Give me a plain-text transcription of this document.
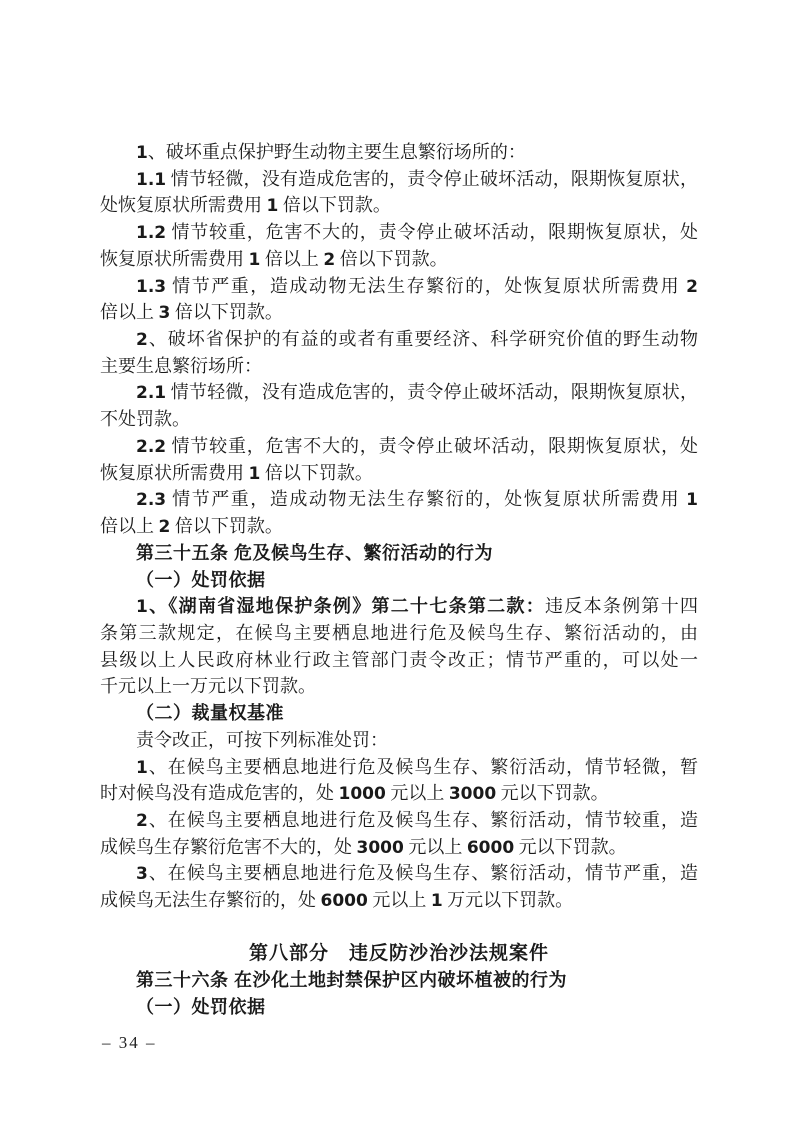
1、破坏重点保护野生动物主要生息繁衍场所的：
1.1 情节轻微，没有造成危害的，责令停止破坏活动，限期恢复原状，
处恢复原状所需费用 1 倍以下罚款。
1.2 情节较重，危害不大的，责令停止破坏活动，限期恢复原状，处
恢复原状所需费用 1 倍以上 2 倍以下罚款。
1.3 情节严重，造成动物无法生存繁衍的，处恢复原状所需费用 2
倍以上 3 倍以下罚款。
2、破坏省保护的有益的或者有重要经济、科学研究价值的野生动物
主要生息繁衍场所：
2.1 情节轻微，没有造成危害的，责令停止破坏活动，限期恢复原状，
不处罚款。
2.2 情节较重，危害不大的，责令停止破坏活动，限期恢复原状，处
恢复原状所需费用 1 倍以下罚款。
2.3 情节严重，造成动物无法生存繁衍的，处恢复原状所需费用 1
倍以上 2 倍以下罚款。
第三十五条 危及候鸟生存、繁衍活动的行为
（一）处罚依据
1、《湖南省湿地保护条例》第二十七条第二款：违反本条例第十四
条第三款规定，在候鸟主要栖息地进行危及候鸟生存、繁衍活动的，由
县级以上人民政府林业行政主管部门责令改正；情节严重的，可以处一
千元以上一万元以下罚款。
（二）裁量权基准
责令改正，可按下列标准处罚：
1、在候鸟主要栖息地进行危及候鸟生存、繁衍活动，情节轻微，暂
时对候鸟没有造成危害的，处 1000 元以上 3000 元以下罚款。
2、在候鸟主要栖息地进行危及候鸟生存、繁衍活动，情节较重，造
成候鸟生存繁衍危害不大的，处 3000 元以上 6000 元以下罚款。
3、在候鸟主要栖息地进行危及候鸟生存、繁衍活动，情节严重，造
成候鸟无法生存繁衍的，处 6000 元以上 1 万元以下罚款。
第八部分　违反防沙治沙法规案件
第三十六条 在沙化土地封禁保护区内破坏植被的行为
（一）处罚依据
– 34 –
